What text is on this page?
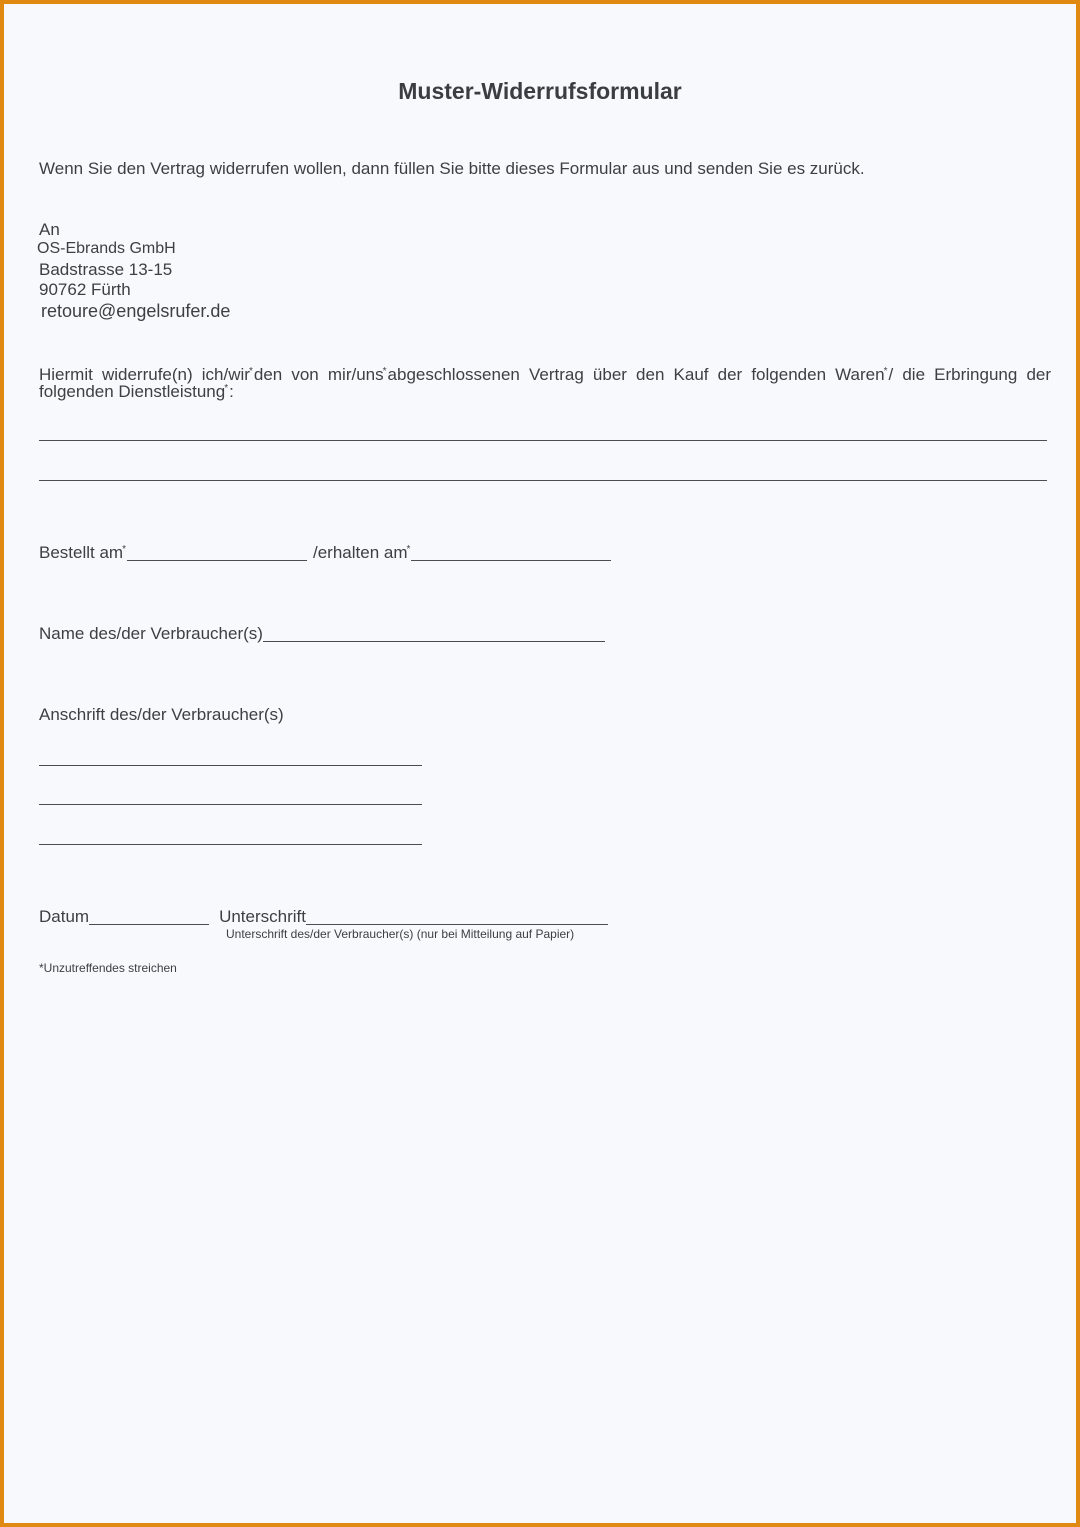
Muster-Widerrufsformular
Wenn Sie den Vertrag widerrufen wollen, dann füllen Sie bitte dieses Formular aus und senden Sie es zurück.
An
OS-Ebrands GmbH
Badstrasse 13-15
90762 Fürth
retoure@engelsrufer.de
Hiermit widerrufe(n) ich/wir*den von mir/uns*abgeschlossenen Vertrag über den Kauf der folgenden Waren*/ die Erbringung der
folgenden Dienstleistung*:
Bestellt am*	/erhalten am*
Name des/der Verbraucher(s)
Anschrift des/der Verbraucher(s)
Datum	Unterschrift
Unterschrift des/der Verbraucher(s) (nur bei Mitteilung auf Papier)
*Unzutreffendes streichen
